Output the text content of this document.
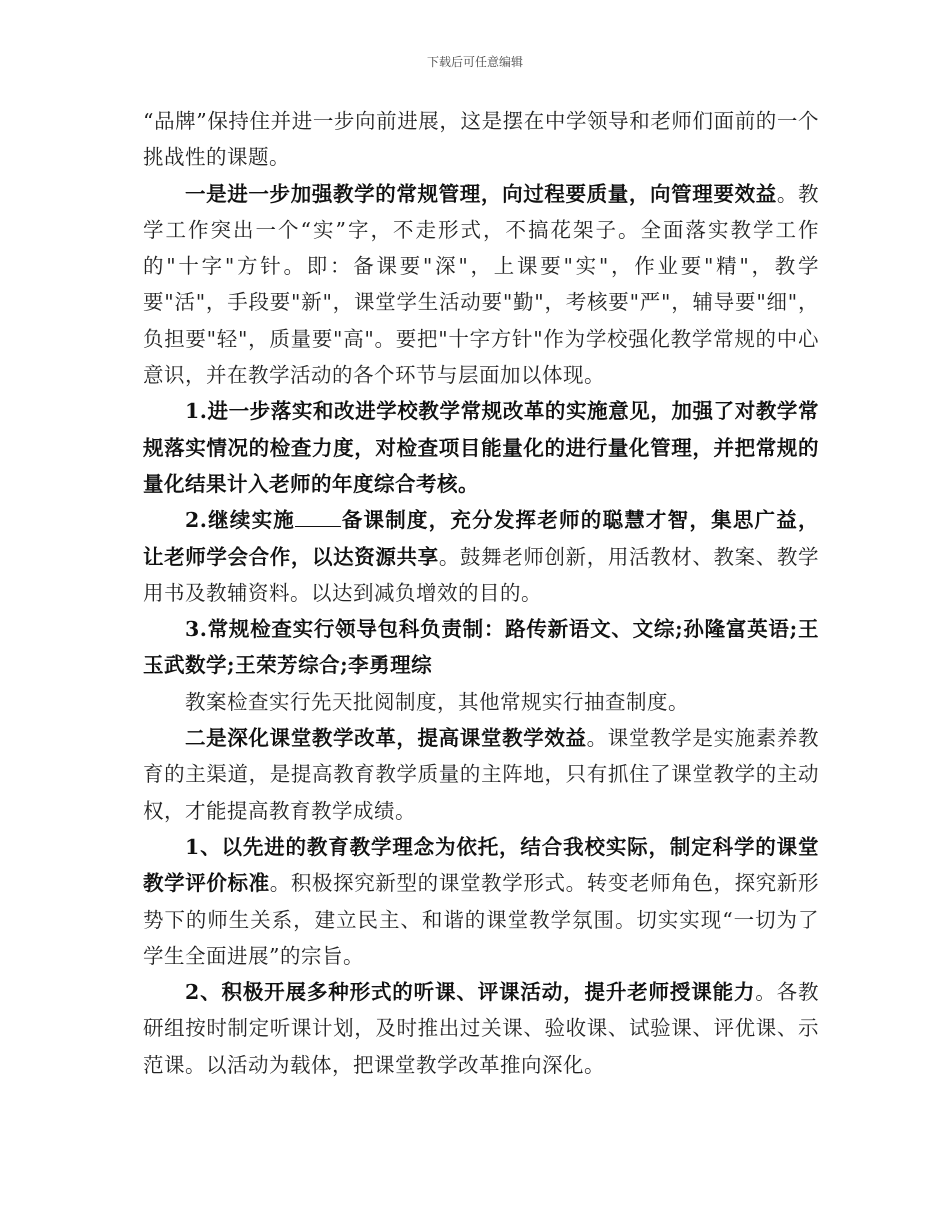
下载后可任意编辑

“品牌”保持住并进一步向前进展，这是摆在中学领导和老师们面前的一个挑战性的课题。

一是进一步加强教学的常规管理，向过程要质量，向管理要效益。教学工作突出一个“实”字，不走形式，不搞花架子。全面落实教学工作的"十字"方针。即：备课要"深"，上课要"实"，作业要"精"，教学要"活"，手段要"新"，课堂学生活动要"勤"，考核要"严"，辅导要"细"，负担要"轻"，质量要"高"。要把"十字方针"作为学校强化教学常规的中心意识，并在教学活动的各个环节与层面加以体现。

1.进一步落实和改进学校教学常规改革的实施意见，加强了对教学常规落实情况的检查力度，对检查项目能量化的进行量化管理，并把常规的量化结果计入老师的年度综合考核。

2.继续实施 备课制度，充分发挥老师的聪慧才智，集思广益，让老师学会合作，以达资源共享。鼓舞老师创新，用活教材、教案、教学用书及教辅资料。以达到减负增效的目的。

3.常规检查实行领导包科负责制：路传新语文、文综;孙隆富英语;王玉武数学;王荣芳综合;李勇理综

教案检查实行先天批阅制度，其他常规实行抽查制度。

二是深化课堂教学改革，提高课堂教学效益。课堂教学是实施素养教育的主渠道，是提高教育教学质量的主阵地，只有抓住了课堂教学的主动权，才能提高教育教学成绩。

1、以先进的教育教学理念为依托，结合我校实际，制定科学的课堂教学评价标准。积极探究新型的课堂教学形式。转变老师角色，探究新形势下的师生关系，建立民主、和谐的课堂教学氛围。切实实现“一切为了学生全面进展”的宗旨。

2、积极开展多种形式的听课、评课活动，提升老师授课能力。各教研组按时制定听课计划，及时推出过关课、验收课、试验课、评优课、示范课。以活动为载体，把课堂教学改革推向深化。
